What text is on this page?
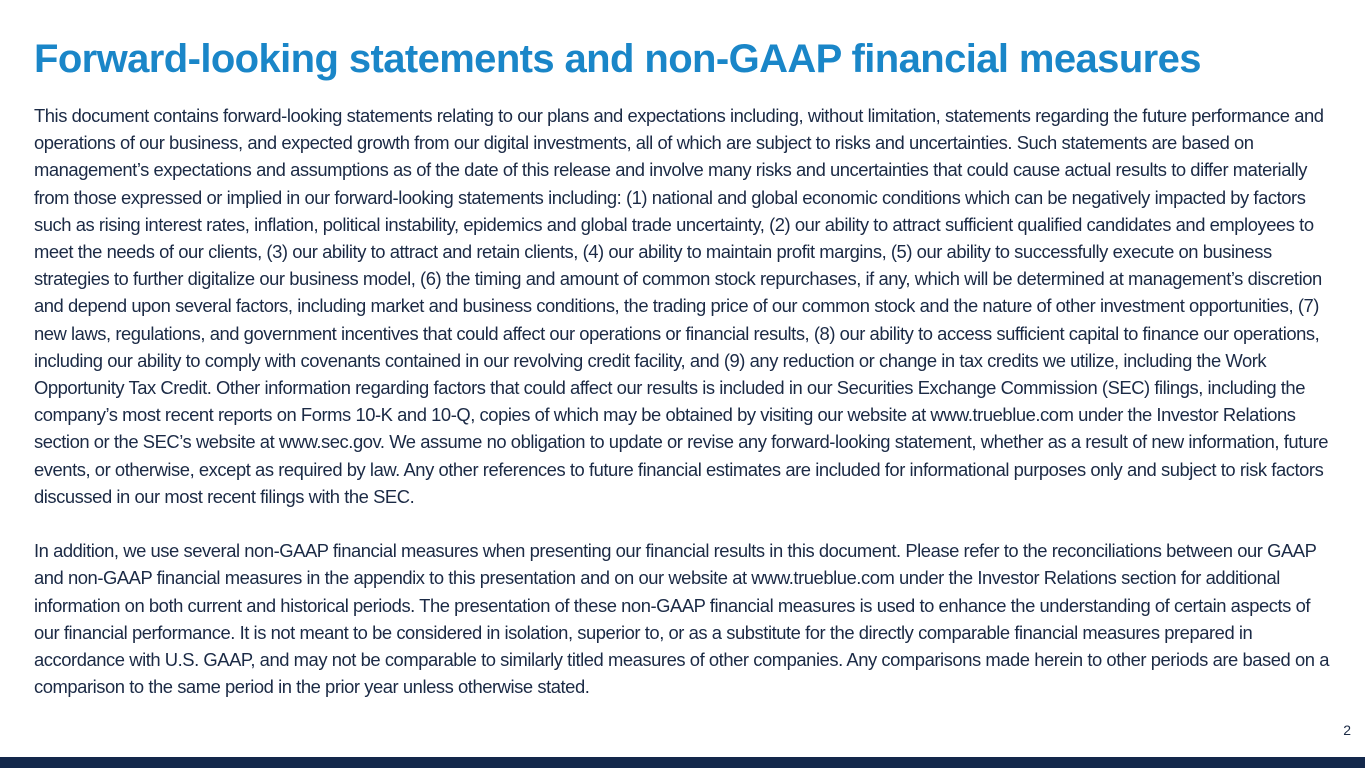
Forward-looking statements and non-GAAP financial measures

This document contains forward-looking statements relating to our plans and expectations including, without limitation, statements regarding the future performance and operations of our business, and expected growth from our digital investments, all of which are subject to risks and uncertainties. Such statements are based on management’s expectations and assumptions as of the date of this release and involve many risks and uncertainties that could cause actual results to differ materially from those expressed or implied in our forward-looking statements including: (1) national and global economic conditions which can be negatively impacted by factors such as rising interest rates, inflation, political instability, epidemics and global trade uncertainty, (2) our ability to attract sufficient qualified candidates and employees to meet the needs of our clients, (3) our ability to attract and retain clients, (4) our ability to maintain profit margins, (5) our ability to successfully execute on business strategies to further digitalize our business model, (6) the timing and amount of common stock repurchases, if any, which will be determined at management’s discretion and depend upon several factors, including market and business conditions, the trading price of our common stock and the nature of other investment opportunities, (7) new laws, regulations, and government incentives that could affect our operations or financial results, (8) our ability to access sufficient capital to finance our operations, including our ability to comply with covenants contained in our revolving credit facility, and (9) any reduction or change in tax credits we utilize, including the Work Opportunity Tax Credit. Other information regarding factors that could affect our results is included in our Securities Exchange Commission (SEC) filings, including the company’s most recent reports on Forms 10-K and 10-Q, copies of which may be obtained by visiting our website at www.trueblue.com under the Investor Relations section or the SEC’s website at www.sec.gov. We assume no obligation to update or revise any forward-looking statement, whether as a result of new information, future events, or otherwise, except as required by law. Any other references to future financial estimates are included for informational purposes only and subject to risk factors discussed in our most recent filings with the SEC.

In addition, we use several non-GAAP financial measures when presenting our financial results in this document. Please refer to the reconciliations between our GAAP and non-GAAP financial measures in the appendix to this presentation and on our website at www.trueblue.com under the Investor Relations section for additional information on both current and historical periods. The presentation of these non-GAAP financial measures is used to enhance the understanding of certain aspects of our financial performance. It is not meant to be considered in isolation, superior to, or as a substitute for the directly comparable financial measures prepared in accordance with U.S. GAAP, and may not be comparable to similarly titled measures of other companies. Any comparisons made herein to other periods are based on a comparison to the same period in the prior year unless otherwise stated.

2
